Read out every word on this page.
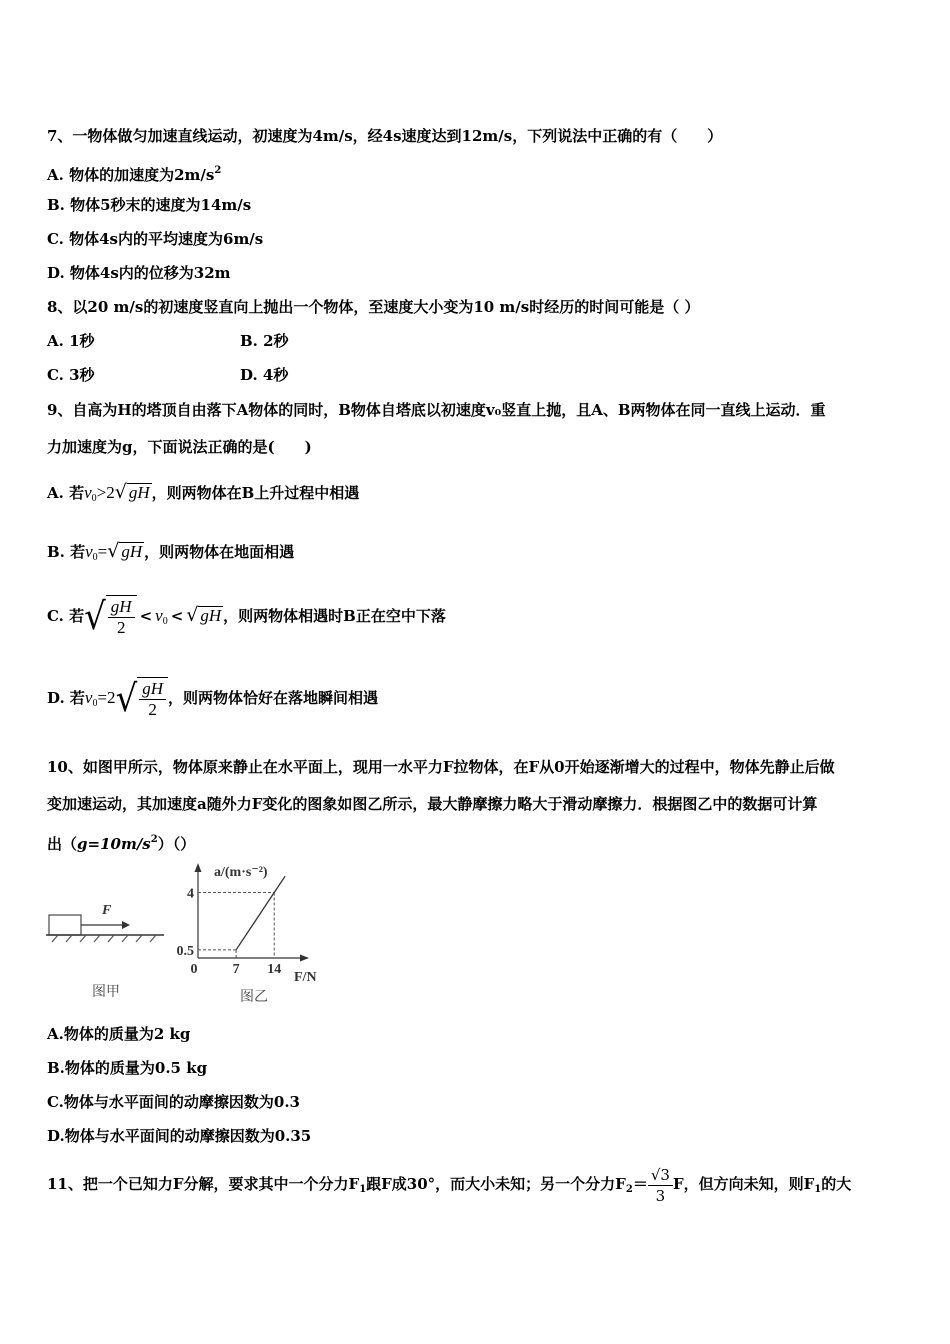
7、一物体做匀加速直线运动，初速度为4m/s，经4s速度达到12m/s，下列说法中正确的有（　　）
A. 物体的加速度为$2m/s^2$
B. 物体5秒末的速度为14m/s
C. 物体4s内的平均速度为6m/s
D. 物体4s内的位移为32m
8、以20 m/s的初速度竖直向上抛出一个物体，至速度大小变为10 m/s时经历的时间可能是（ ）
A. 1秒	B. 2秒
C. 3秒	D. 4秒
9、自高为H的塔顶自由落下A物体的同时，B物体自塔底以初速度v₀竖直上抛，且A、B两物体在同一直线上运动．重
力加速度为g，下面说法正确的是(　　)
A. 若$v_0>2√$ gH ，则两物体在B上升过程中相遇
B. 若$v_0=√$ gH ，则两物体在地面相遇
C. 若 √ $\frac{gH}{2} < v_0$ < √ gH ，则两物体相遇时B正在空中下落
D. 若$v_0=2$ √ $\frac{gH}{2}$ ，则两物体恰好在落地瞬间相遇
10、如图甲所示，物体原来静止在水平面上，现用一水平力F拉物体，在F从0开始逐渐增大的过程中，物体先静止后做
变加速运动，其加速度a随外力F变化的图象如图乙所示，最大静摩擦力略大于滑动摩擦力．根据图乙中的数据可计算
出$(g=10m/s^2)()$
F
图甲
a/(m·s⁻²)
F/N
图乙
0	7 14
0.5
4
A.物体的质量为2 kg
B.物体的质量为0.5 kg
C.物体与水平面间的动摩擦因数为0.3
D.物体与水平面间的动摩擦因数为0.35
11、把一个已知力F分解，要求其中一个分力$F_1$跟F成30°，而大小未知；另一个分力$F_2= \frac{√3}{3}$ F，但方向未知，则$F_1$的大
